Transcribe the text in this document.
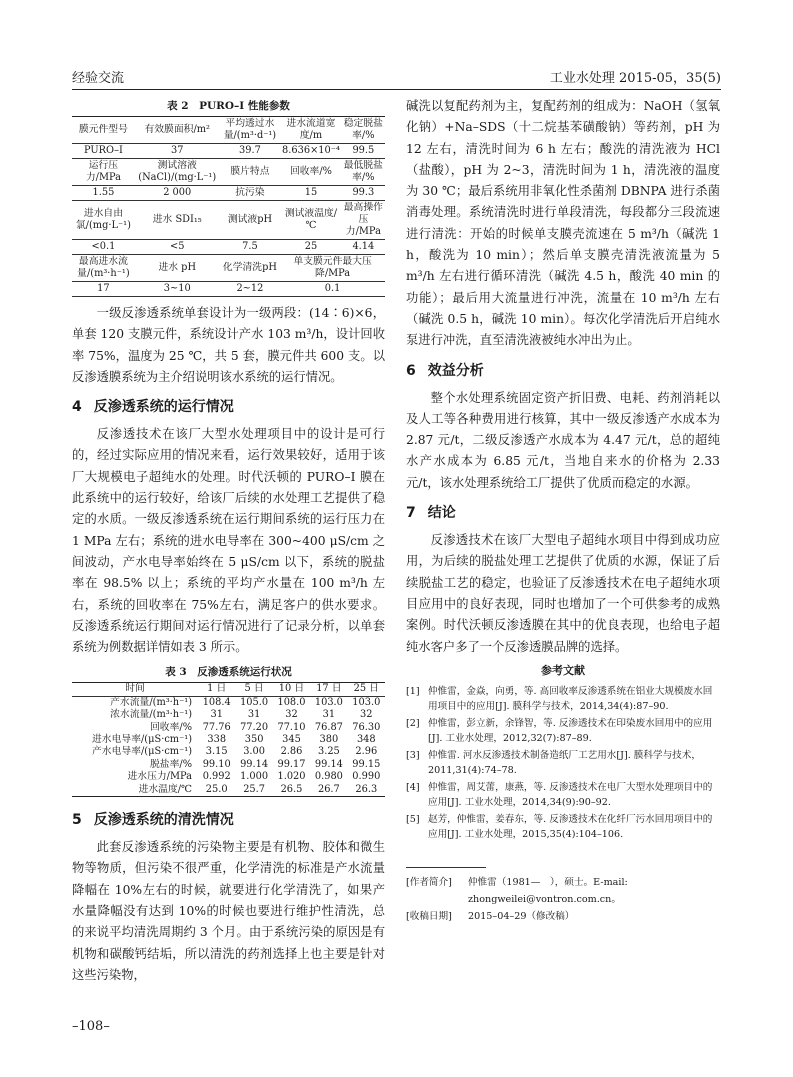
经验交流	工业水处理 2015-05，35(5)
表 2　PURO–I 性能参数
膜元件型号	有效膜面积/m²	平均透过水量/(m³·d⁻¹)	进水流道宽度/m	稳定脱盐率/%
PURO–I	37	39.7	8.636×10⁻⁴	99.5
运行压力/MPa	测试溶液(NaCl)/(mg·L⁻¹)	膜片特点	回收率/%	最低脱盐率/%
1.55	2 000	抗污染	15	99.3
进水自由氯/(mg·L⁻¹)	进水 SDI₁₅	测试液pH	测试液温度/℃	最高操作压力/MPa
<0.1	<5	7.5	25	4.14
最高进水流量/(m³·h⁻¹)	进水 pH	化学清洗pH	单支膜元件最大压降/MPa	
17	3~10	2~12	0.1	

一级反渗透系统单套设计为一级两段：(14∶6)×6，单套 120 支膜元件，系统设计产水 103 m³/h，设计回收率 75%，温度为 25 ℃，共 5 套，膜元件共 600 支。以反渗透膜系统为主介绍说明该水系统的运行情况。

4 反渗透系统的运行情况

反渗透技术在该厂大型水处理项目中的设计是可行的，经过实际应用的情况来看，运行效果较好，适用于该厂大规模电子超纯水的处理。时代沃顿的 PURO–I 膜在此系统中的运行较好，给该厂后续的水处理工艺提供了稳定的水质。一级反渗透系统在运行期间系统的运行压力在 1 MPa 左右；系统的进水电导率在 300~400 μS/cm 之间波动，产水电导率始终在 5 μS/cm 以下，系统的脱盐率在 98.5% 以上；系统的平均产水量在 100 m³/h 左右，系统的回收率在 75%左右，满足客户的供水要求。反渗透系统运行期间对运行情况进行了记录分析，以单套系统为例数据详情如表 3 所示。

表 3　反渗透系统运行状况
时间	1 日	5 日	10 日	17 日	25 日
产水流量/(m³·h⁻¹)	108.4	105.0	108.0	103.0	103.0
浓水流量/(m³·h⁻¹)	31	31	32	31	32
回收率/%	77.76	77.20	77.10	76.87	76.30
进水电导率/(μS·cm⁻¹)	338	350	345	380	348
产水电导率/(μS·cm⁻¹)	3.15	3.00	2.86	3.25	2.96
脱盐率/%	99.10	99.14	99.17	99.14	99.15
进水压力/MPa	0.992	1.000	1.020	0.980	0.990
进水温度/℃	25.0	25.7	26.5	26.7	26.3
5 反渗透系统的清洗情况

此套反渗透系统的污染物主要是有机物、胶体和微生物等物质，但污染不很严重，化学清洗的标准是产水流量降幅在 10%左右的时候，就要进行化学清洗了，如果产水量降幅没有达到 10%的时候也要进行维护性清洗，总的来说平均清洗周期约 3 个月。由于系统污染的原因是有机物和碳酸钙结垢，所以清洗的药剂选择上也主要是针对这些污染物，

碱洗以复配药剂为主，复配药剂的组成为：NaOH（氢氧化钠）+Na–SDS（十二烷基苯磺酸钠）等药剂，pH 为 12 左右，清洗时间为 6 h 左右；酸洗的清洗液为 HCl（盐酸），pH 为 2~3，清洗时间为 1 h，清洗液的温度为 30 ℃；最后系统用非氧化性杀菌剂 DBNPA 进行杀菌消毒处理。系统清洗时进行单段清洗，每段都分三段流速进行清洗：开始的时候单支膜壳流速在 5 m³/h（碱洗 1 h，酸洗为 10 min）；然后单支膜壳清洗液流量为 5 m³/h 左右进行循环清洗（碱洗 4.5 h，酸洗 40 min 的功能）；最后用大流量进行冲洗，流量在 10 m³/h 左右（碱洗 0.5 h，碱洗 10 min）。每次化学清洗后开启纯水泵进行冲洗，直至清洗液被纯水冲出为止。

6 效益分析

整个水处理系统固定资产折旧费、电耗、药剂消耗以及人工等各种费用进行核算，其中一级反渗透产水成本为 2.87 元/t，二级反渗透产水成本为 4.47 元/t，总的超纯水产水成本为 6.85 元/t，当地自来水的价格为 2.33 元/t，该水处理系统给工厂提供了优质而稳定的水源。

7 结论

反渗透技术在该厂大型电子超纯水项目中得到成功应用，为后续的脱盐处理工艺提供了优质的水源，保证了后续脱盐工艺的稳定，也验证了反渗透技术在电子超纯水项目应用中的良好表现，同时也增加了一个可供参考的成熟案例。时代沃顿反渗透膜在其中的优良表现，也给电子超纯水客户多了一个反渗透膜品牌的选择。

参考文献
[1] 仲惟雷，金焱，向勇，等. 高回收率反渗透系统在铝业大规模废水回用项目中的应用[J]. 膜科学与技术，2014,34(4):87–90.
[2] 仲惟雷，彭立新，余锋智，等. 反渗透技术在印染废水回用中的应用[J]. 工业水处理，2012,32(7):87–89.
[3] 仲惟雷. 河水反渗透技术制备造纸厂工艺用水[J]. 膜科学与技术，2011,31(4):74–78.
[4] 仲惟雷，周艾蕾，康燕，等. 反渗透技术在电厂大型水处理项目中的应用[J]. 工业水处理，2014,34(9):90–92.
[5] 赵芳，仲惟雷，姜春东，等. 反渗透技术在化纤厂污水回用项目中的应用[J]. 工业水处理，2015,35(4):104–106.
[作者简介]	仲惟雷（1981—　），硕士。E-mail: zhongweilei@vontron.com.cn。
[收稿日期]	2015–04–29（修改稿）
–108–
